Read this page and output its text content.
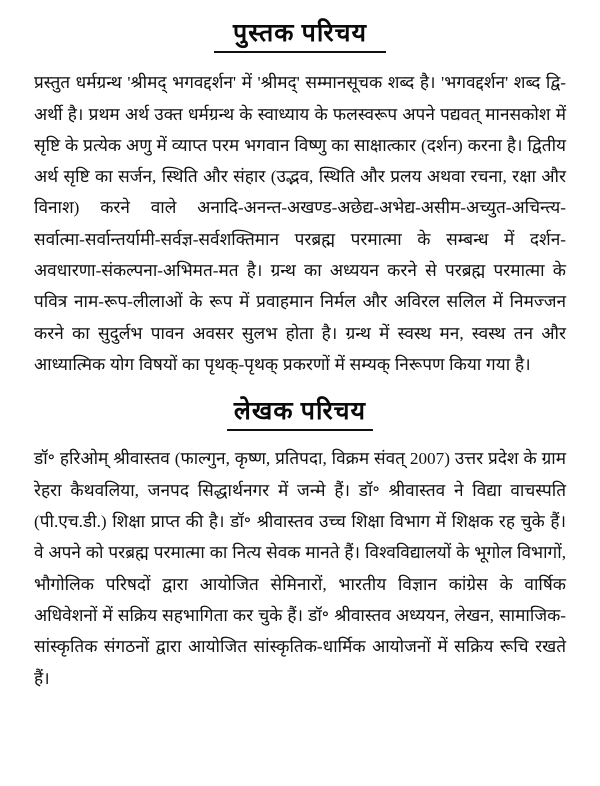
पुस्तक परिचय

प्रस्तुत धर्मग्रन्थ 'श्रीमद् भगवद्दर्शन' में 'श्रीमद्' सम्मानसूचक शब्द है। 'भगवद्दर्शन' शब्द द्वि-अर्थी है। प्रथम अर्थ उक्त धर्मग्रन्थ के स्वाध्याय के फलस्वरूप अपने पद्यवत् मानसकोश में सृष्टि के प्रत्येक अणु में व्याप्त परम भगवान विष्णु का साक्षात्कार (दर्शन) करना है। द्वितीय अर्थ सृष्टि का सर्जन, स्थिति और संहार (उद्भव, स्थिति और प्रलय अथवा रचना, रक्षा और विनाश) करने वाले अनादि-अनन्त-अखण्ड-अछेद्य-अभेद्य-असीम-अच्युत-अचिन्त्य-सर्वात्मा-सर्वान्तर्यामी-सर्वज्ञ-सर्वशक्तिमान परब्रह्म परमात्मा के सम्बन्ध में दर्शन-अवधारणा-संकल्पना-अभिमत-मत है। ग्रन्थ का अध्ययन करने से परब्रह्म परमात्मा के पवित्र नाम-रूप-लीलाओं के रूप में प्रवाहमान निर्मल और अविरल सलिल में निमज्जन करने का सुदुर्लभ पावन अवसर सुलभ होता है। ग्रन्थ में स्वस्थ मन, स्वस्थ तन और आध्यात्मिक योग विषयों का पृथक्-पृथक् प्रकरणों में सम्यक् निरूपण किया गया है।

लेखक परिचय

डॉ॰ हरिओम् श्रीवास्तव (फाल्गुन, कृष्ण, प्रतिपदा, विक्रम संवत् 2007) उत्तर प्रदेश के ग्राम रेहरा कैथवलिया, जनपद सिद्धार्थनगर में जन्मे हैं। डॉ॰ श्रीवास्तव ने विद्या वाचस्पति (पी.एच.डी.) शिक्षा प्राप्त की है। डॉ॰ श्रीवास्तव उच्च शिक्षा विभाग में शिक्षक रह चुके हैं। वे अपने को परब्रह्म परमात्मा का नित्य सेवक मानते हैं। विश्वविद्यालयों के भूगोल विभागों, भौगोलिक परिषदों द्वारा आयोजित सेमिनारों, भारतीय विज्ञान कांग्रेस के वार्षिक अधिवेशनों में सक्रिय सहभागिता कर चुके हैं। डॉ॰ श्रीवास्तव अध्ययन, लेखन, सामाजिक-सांस्कृतिक संगठनों द्वारा आयोजित सांस्कृतिक-धार्मिक आयोजनों में सक्रिय रूचि रखते हैं।
